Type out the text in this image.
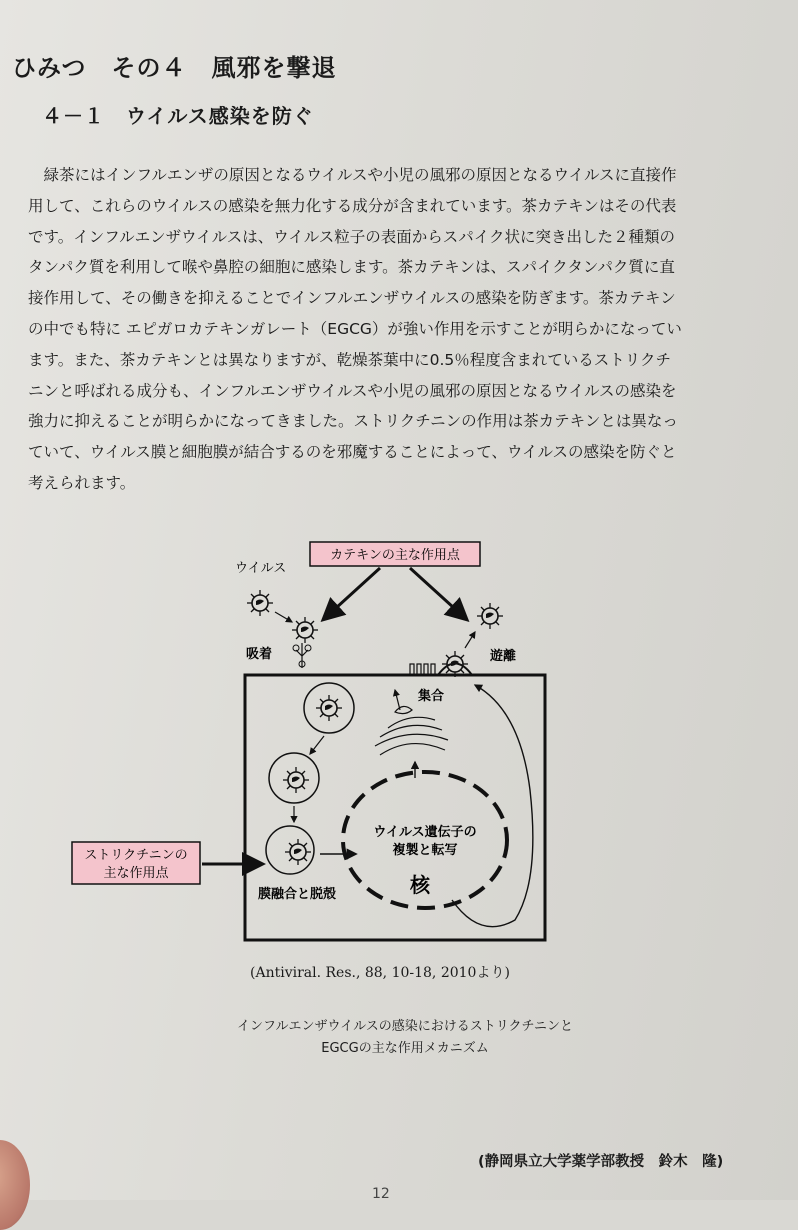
ひみつ　その４　風邪を撃退
４－１　ウイルス感染を防ぐ
　緑茶にはインフルエンザの原因となるウイルスや小児の風邪の原因となるウイルスに直接作
用して、これらのウイルスの感染を無力化する成分が含まれています。茶カテキンはその代表
です。インフルエンザウイルスは、ウイルス粒子の表面からスパイク状に突き出した２種類の
タンパク質を利用して喉や鼻腔の細胞に感染します。茶カテキンは、スパイクタンパク質に直
接作用して、その働きを抑えることでインフルエンザウイルスの感染を防ぎます。茶カテキン
の中でも特に エピガロカテキンガレート（EGCG）が強い作用を示すことが明らかになってい
ます。また、茶カテキンとは異なりますが、乾燥茶葉中に0.5％程度含まれているストリクチ
ニンと呼ばれる成分も、インフルエンザウイルスや小児の風邪の原因となるウイルスの感染を
強力に抑えることが明らかになってきました。ストリクチニンの作用は茶カテキンとは異なっ
ていて、ウイルス膜と細胞膜が結合するのを邪魔することによって、ウイルスの感染を防ぐと
考えられます。
カテキンの主な作用点
ウイルス
吸着
膜融合と脱殻
ウイルス遺伝子の
複製と転写
核
集合
遊離
ストリクチニンの
主な作用点
(Antiviral. Res., 88, 10-18, 2010より)
インフルエンザウイルスの感染におけるストリクチニンと
EGCGの主な作用メカニズム
(静岡県立大学薬学部教授　鈴木　隆)
12
